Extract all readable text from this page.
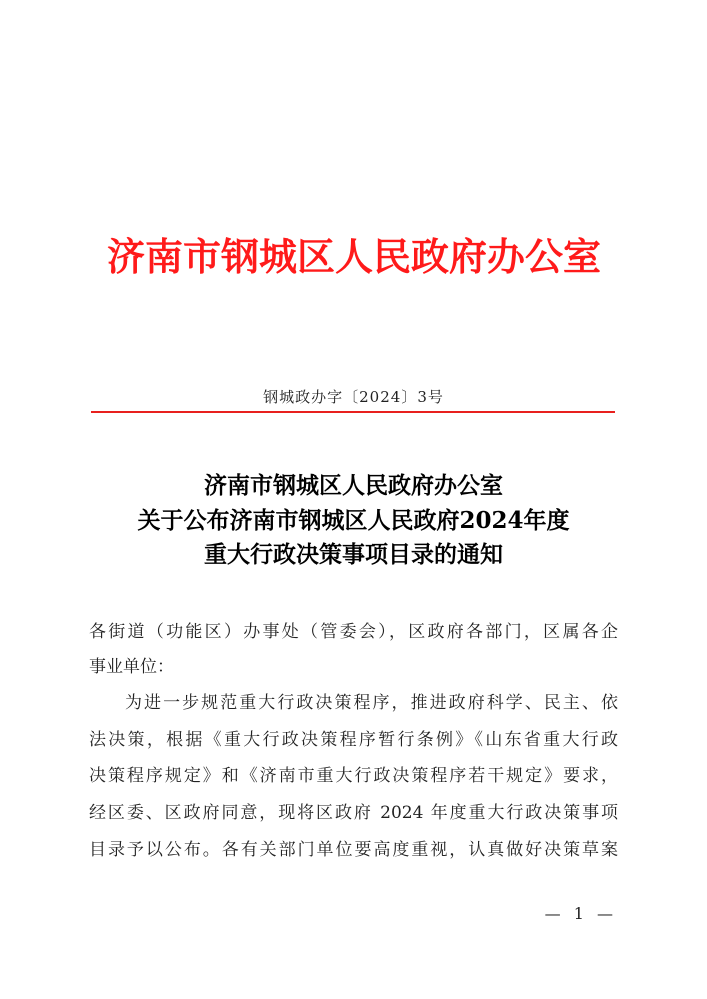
济南市钢城区人民政府办公室
钢城政办字〔2024〕3号
济南市钢城区人民政府办公室
关于公布济南市钢城区人民政府2024年度
重大行政决策事项目录的通知
各街道（功能区）办事处（管委会），区政府各部门，区属各企
事业单位：
为进一步规范重大行政决策程序，推进政府科学、民主、依
法决策，根据《重大行政决策程序暂行条例》《山东省重大行政
决策程序规定》和《济南市重大行政决策程序若干规定》要求，
经区委、区政府同意，现将区政府 2024 年度重大行政决策事项
目录予以公布。各有关部门单位要高度重视，认真做好决策草案
— 1 —
